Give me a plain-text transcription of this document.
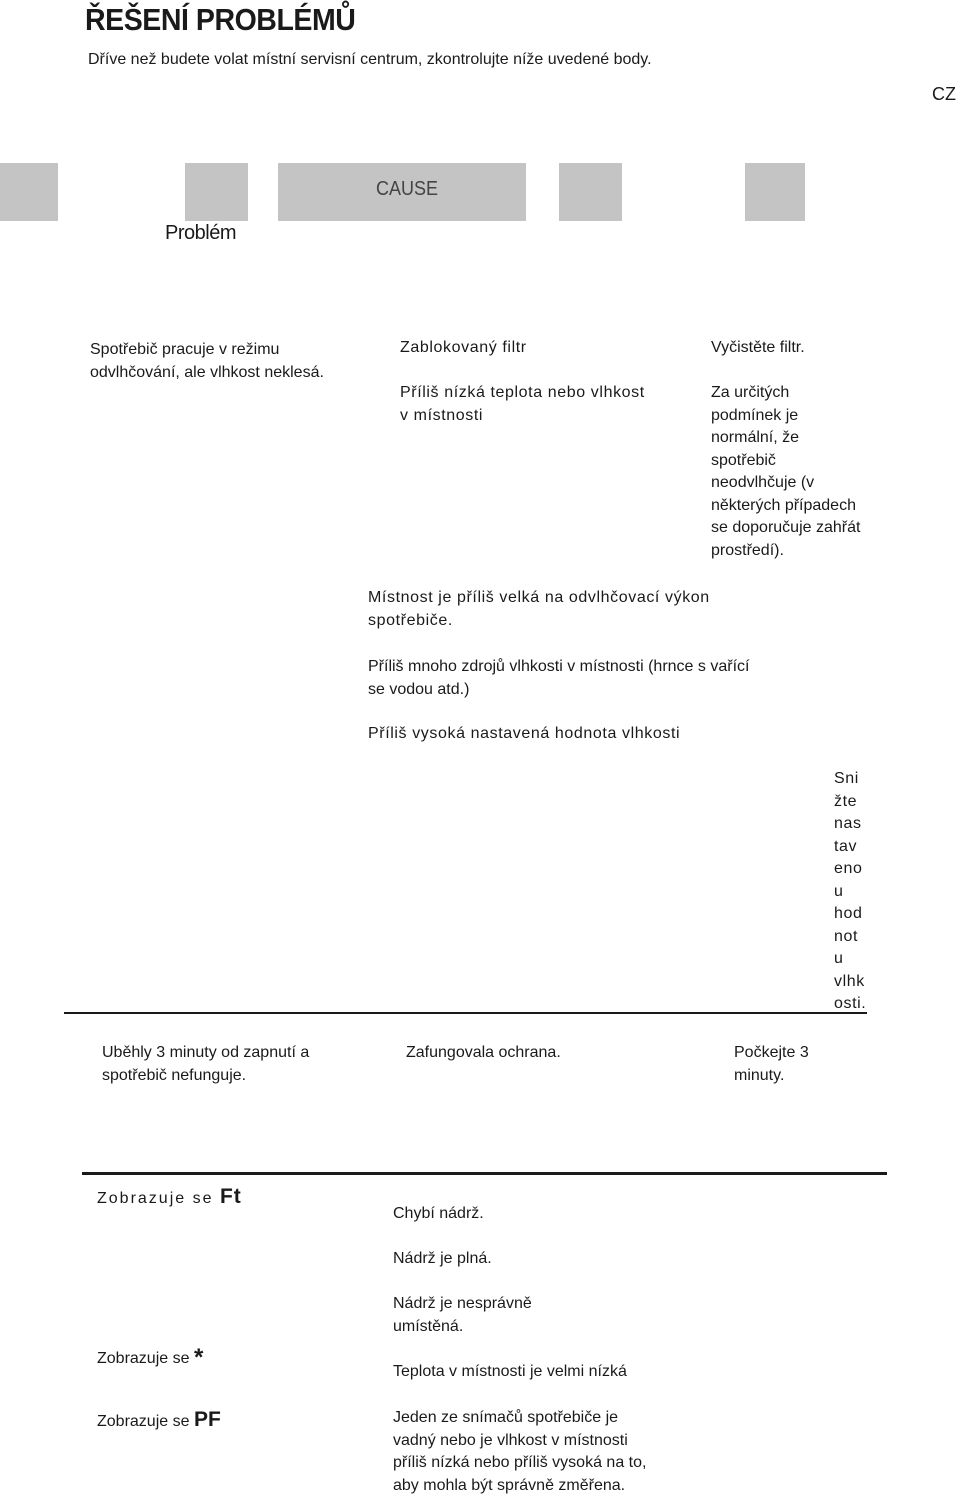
ŘEŠENÍ PROBLÉMŮ
Dříve než budete volat místní servisní centrum, zkontrolujte níže uvedené body.
CZ
CAUSE
Problém
Spotřebič pracuje v režimu
odvlhčování, ale vlhkost neklesá.
Zablokovaný filtr
Příliš nízká teplota nebo vlhkost
v místnosti
Vyčistěte filtr.
Za určitých
podmínek je
normální, že
spotřebič
neodvlhčuje (v
některých případech
se doporučuje zahřát
prostředí).
Místnost je příliš velká na odvlhčovací výkon
spotřebiče.
Příliš mnoho zdrojů vlhkosti v místnosti (hrnce s vařící
se vodou atd.)
Příliš vysoká nastavená hodnota vlhkosti
Sni
žte
nas
tav
eno
u
hod
not
u
vlhk
osti.
Uběhly 3 minuty od zapnutí a
spotřebič nefunguje.
Zafungovala ochrana.	Počkejte 3
minuty.
Zobrazuje se Ft
Chybí nádrž.
Nádrž je plná.
Nádrž je nesprávně
umístěná.
Zobrazuje se *
Teplota v místnosti je velmi nízká
Zobrazuje se PF	Jeden ze snímačů spotřebiče je
vadný nebo je vlhkost v místnosti
příliš nízká nebo příliš vysoká na to,
aby mohla být správně změřena.
